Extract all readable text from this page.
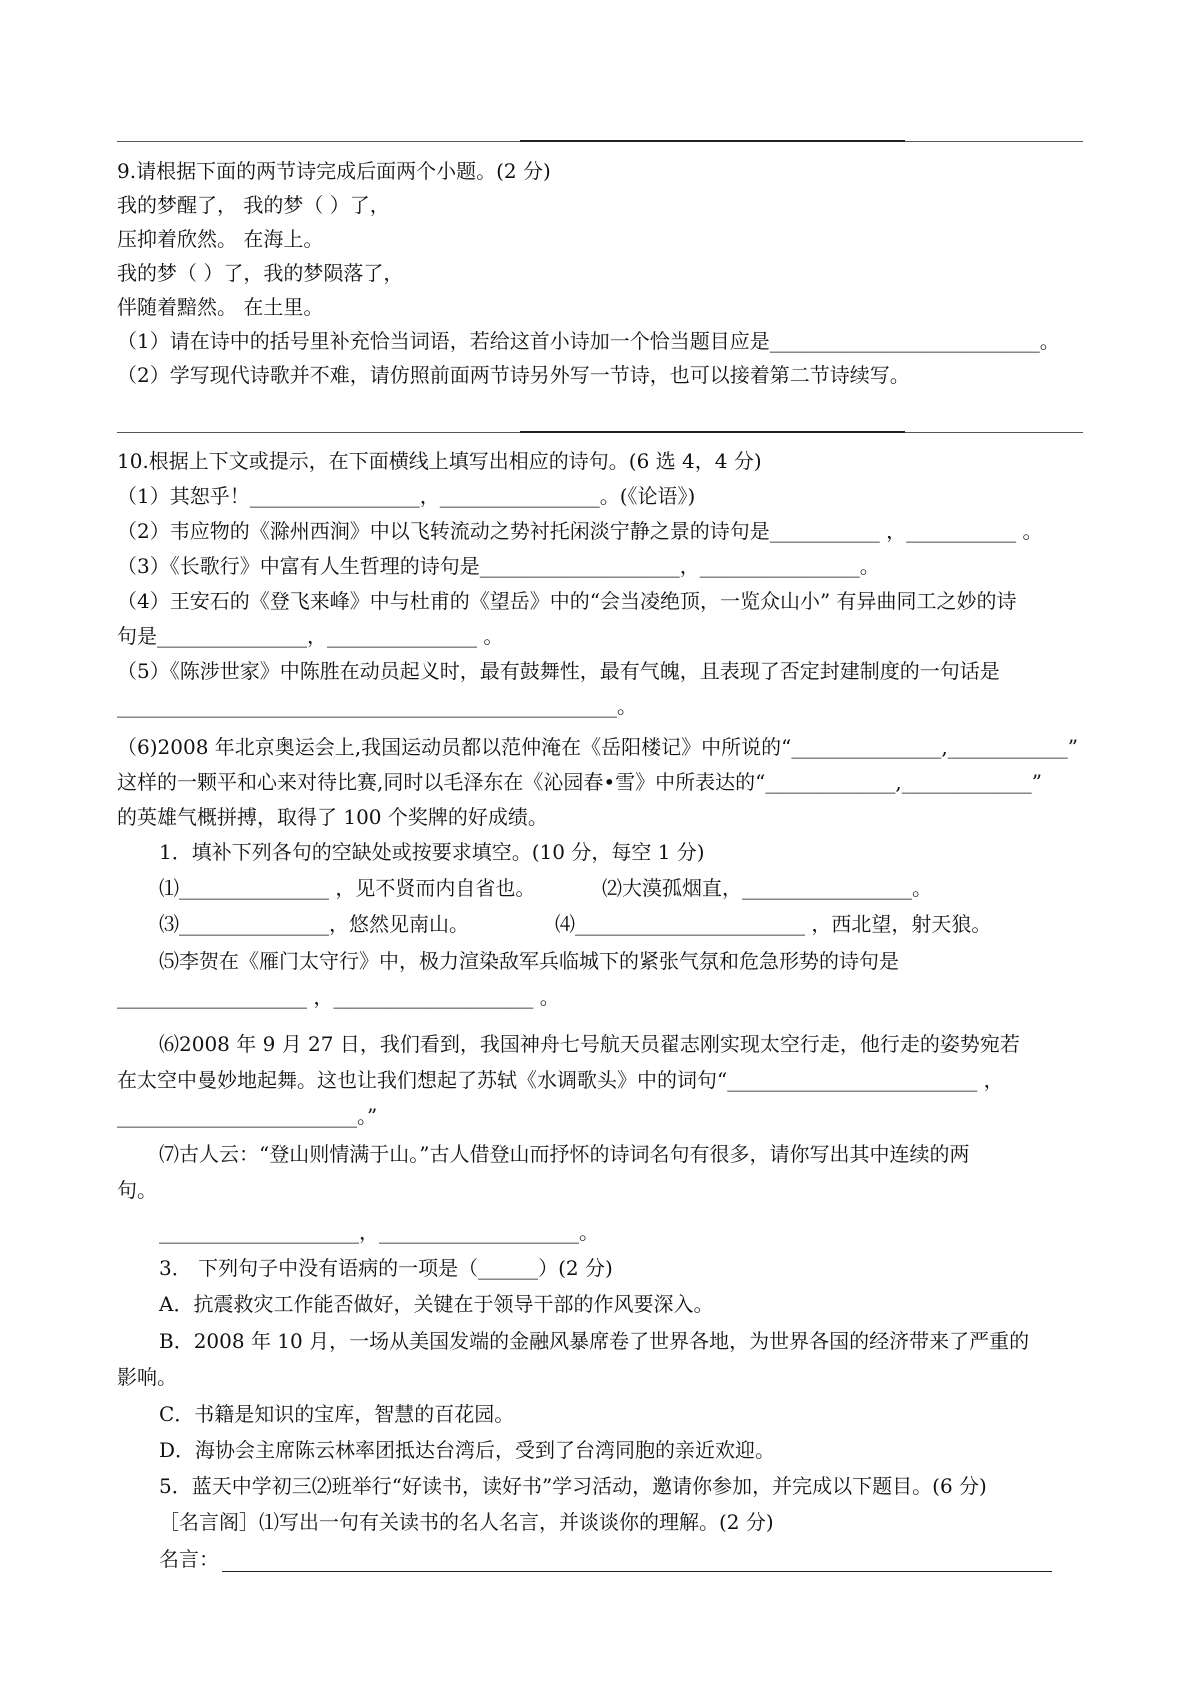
9.请根据下面的两节诗完成后面两个小题。(2 分)
我的梦醒了， 我的梦（ ）了，
压抑着欣然。 在海上。
我的梦（ ）了，我的梦陨落了，
伴随着黯然。 在土里。
（1）请在诗中的括号里补充恰当词语，若给这首小诗加一个恰当题目应是___________________________。
（2）学写现代诗歌并不难，请仿照前面两节诗另外写一节诗，也可以接着第二节诗续写。
10.根据上下文或提示，在下面横线上填写出相应的诗句。(6 选 4，4 分)
（1）其恕乎！_________________，________________。(《论语》)
（2）韦应物的《滁州西涧》中以飞转流动之势衬托闲淡宁静之景的诗句是___________ ，___________ 。
（3）《长歌行》中富有人生哲理的诗句是____________________，________________。
（4）王安石的《登飞来峰》中与杜甫的《望岳》中的“会当凌绝顶，一览众山小” 有异曲同工之妙的诗
句是_______________，_______________ 。
（5）《陈涉世家》中陈胜在动员起义时，最有鼓舞性，最有气魄，且表现了否定封建制度的一句话是
__________________________________________________。
（6)2008 年北京奥运会上,我国运动员都以范仲淹在《岳阳楼记》中所说的“_______________,____________”
这样的一颗平和心来对待比赛,同时以毛泽东在《沁园春•雪》中所表达的“_____________,_____________”
的英雄气概拼搏，取得了 100 个奖牌的好成绩。
1．填补下列各句的空缺处或按要求填空。(10 分，每空 1 分)
⑴_______________ ，见不贤而内自省也。	⑵大漠孤烟直，_________________。
⑶_______________，悠然见南山。	⑷_______________________ ，西北望，射天狼。
⑸李贺在《雁门太守行》中，极力渲染敌军兵临城下的紧张气氛和危急形势的诗句是
___________________ ，____________________ 。
⑹2008 年 9 月 27 日，我们看到，我国神舟七号航天员翟志刚实现太空行走，他行走的姿势宛若
在太空中曼妙地起舞。这也让我们想起了苏轼《水调歌头》中的词句“_________________________ ，
________________________。”
⑺古人云：“登山则情满于山。”古人借登山而抒怀的诗词名句有很多，请你写出其中连续的两
句。
____________________，____________________。
3． 下列句子中没有语病的一项是（______）(2 分)
A．抗震救灾工作能否做好，关键在于领导干部的作风要深入。
B．2008 年 10 月，一场从美国发端的金融风暴席卷了世界各地，为世界各国的经济带来了严重的
影响。
C．书籍是知识的宝库，智慧的百花园。
D．海协会主席陈云林率团抵达台湾后，受到了台湾同胞的亲近欢迎。
5．蓝天中学初三⑵班举行“好读书，读好书”学习活动，邀请你参加，并完成以下题目。(6 分)
［名言阁］⑴写出一句有关读书的名人名言，并谈谈你的理解。(2 分)
名言：
